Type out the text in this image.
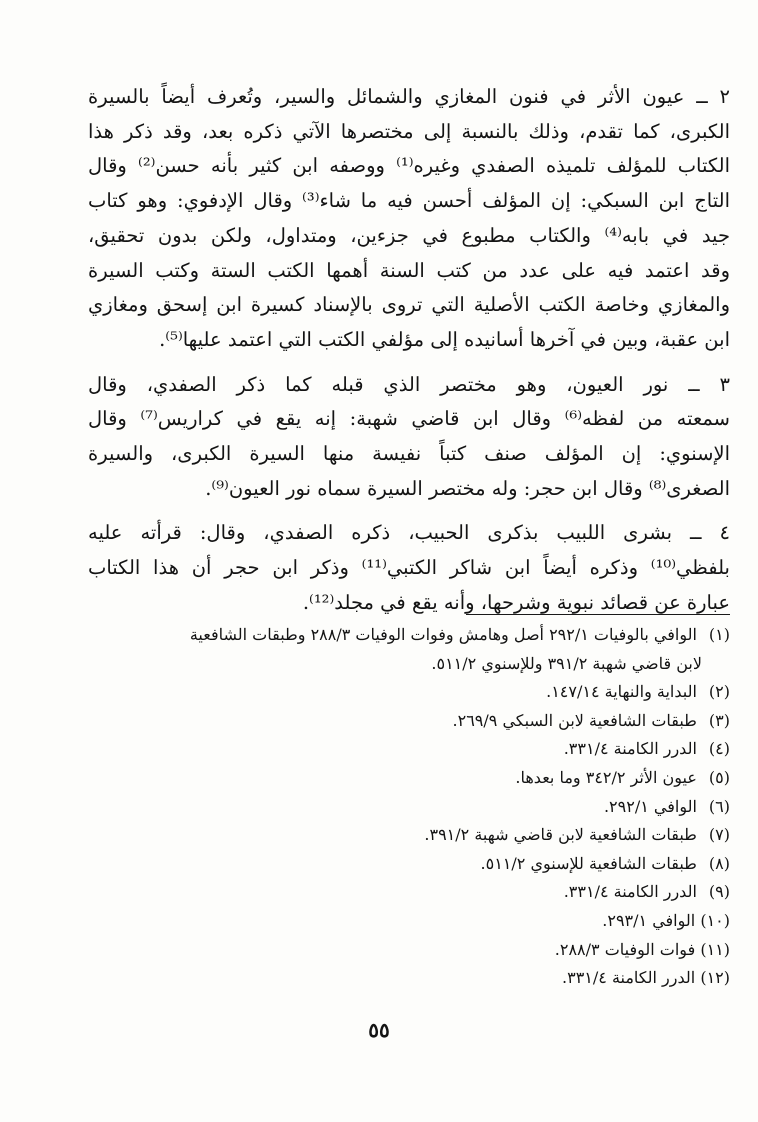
٢ ــ عيون الأثر في فنون المغازي والشمائل والسير، وتُعرف أيضاً بالسيرة
الكبرى، كما تقدم، وذلك بالنسبة إلى مختصرها الآتي ذكره بعد، وقد ذكر هذا
الكتاب للمؤلف تلميذه الصفدي وغيره⁽¹⁾ ووصفه ابن كثير بأنه حسن⁽²⁾ وقال
التاج ابن السبكي: إن المؤلف أحسن فيه ما شاء⁽³⁾ وقال الإدفوي: وهو كتاب
جيد في بابه⁽⁴⁾ والكتاب مطبوع في جزءين، ومتداول، ولكن بدون تحقيق،
وقد اعتمد فيه على عدد من كتب السنة أهمها الكتب الستة وكتب السيرة
والمغازي وخاصة الكتب الأصلية التي تروى بالإسناد كسيرة ابن إسحق ومغازي
ابن عقبة، وبين في آخرها أسانيده إلى مؤلفي الكتب التي اعتمد عليها⁽⁵⁾.
٣ ــ نور العيون، وهو مختصر الذي قبله كما ذكر الصفدي، وقال
سمعته من لفظه⁽⁶⁾ وقال ابن قاضي شهبة: إنه يقع في كراريس⁽⁷⁾ وقال
الإسنوي: إن المؤلف صنف كتباً نفيسة منها السيرة الكبرى، والسيرة
الصغرى⁽⁸⁾ وقال ابن حجر: وله مختصر السيرة سماه نور العيون⁽⁹⁾.
٤ ــ بشرى اللبيب بذكرى الحبيب، ذكره الصفدي، وقال: قرأته عليه
بلفظي⁽¹⁰⁾ وذكره أيضاً ابن شاكر الكتبي⁽¹¹⁾ وذكر ابن حجر أن هذا الكتاب
عبارة عن قصائد نبوية وشرحها، وأنه يقع في مجلد⁽¹²⁾.
(١) الوافي بالوفيات ٢٩٢/١ أصل وهامش وفوات الوفيات ٢٨٨/٣ وطبقات الشافعية
لابن قاضي شهبة ٣٩١/٢ وللإسنوي ٥١١/٢.
(٢) البداية والنهاية ١٤٧/١٤.
(٣) طبقات الشافعية لابن السبكي ٢٦٩/٩.
(٤) الدرر الكامنة ٣٣١/٤.
(٥) عيون الأثر ٣٤٢/٢ وما بعدها.
(٦) الوافي ٢٩٢/١.
(٧) طبقات الشافعية لابن قاضي شهبة ٣٩١/٢.
(٨) طبقات الشافعية للإسنوي ٥١١/٢.
(٩) الدرر الكامنة ٣٣١/٤.
(١٠) الوافي ٢٩٣/١.
(١١) فوات الوفيات ٢٨٨/٣.
(١٢) الدرر الكامنة ٣٣١/٤.
٥٥
